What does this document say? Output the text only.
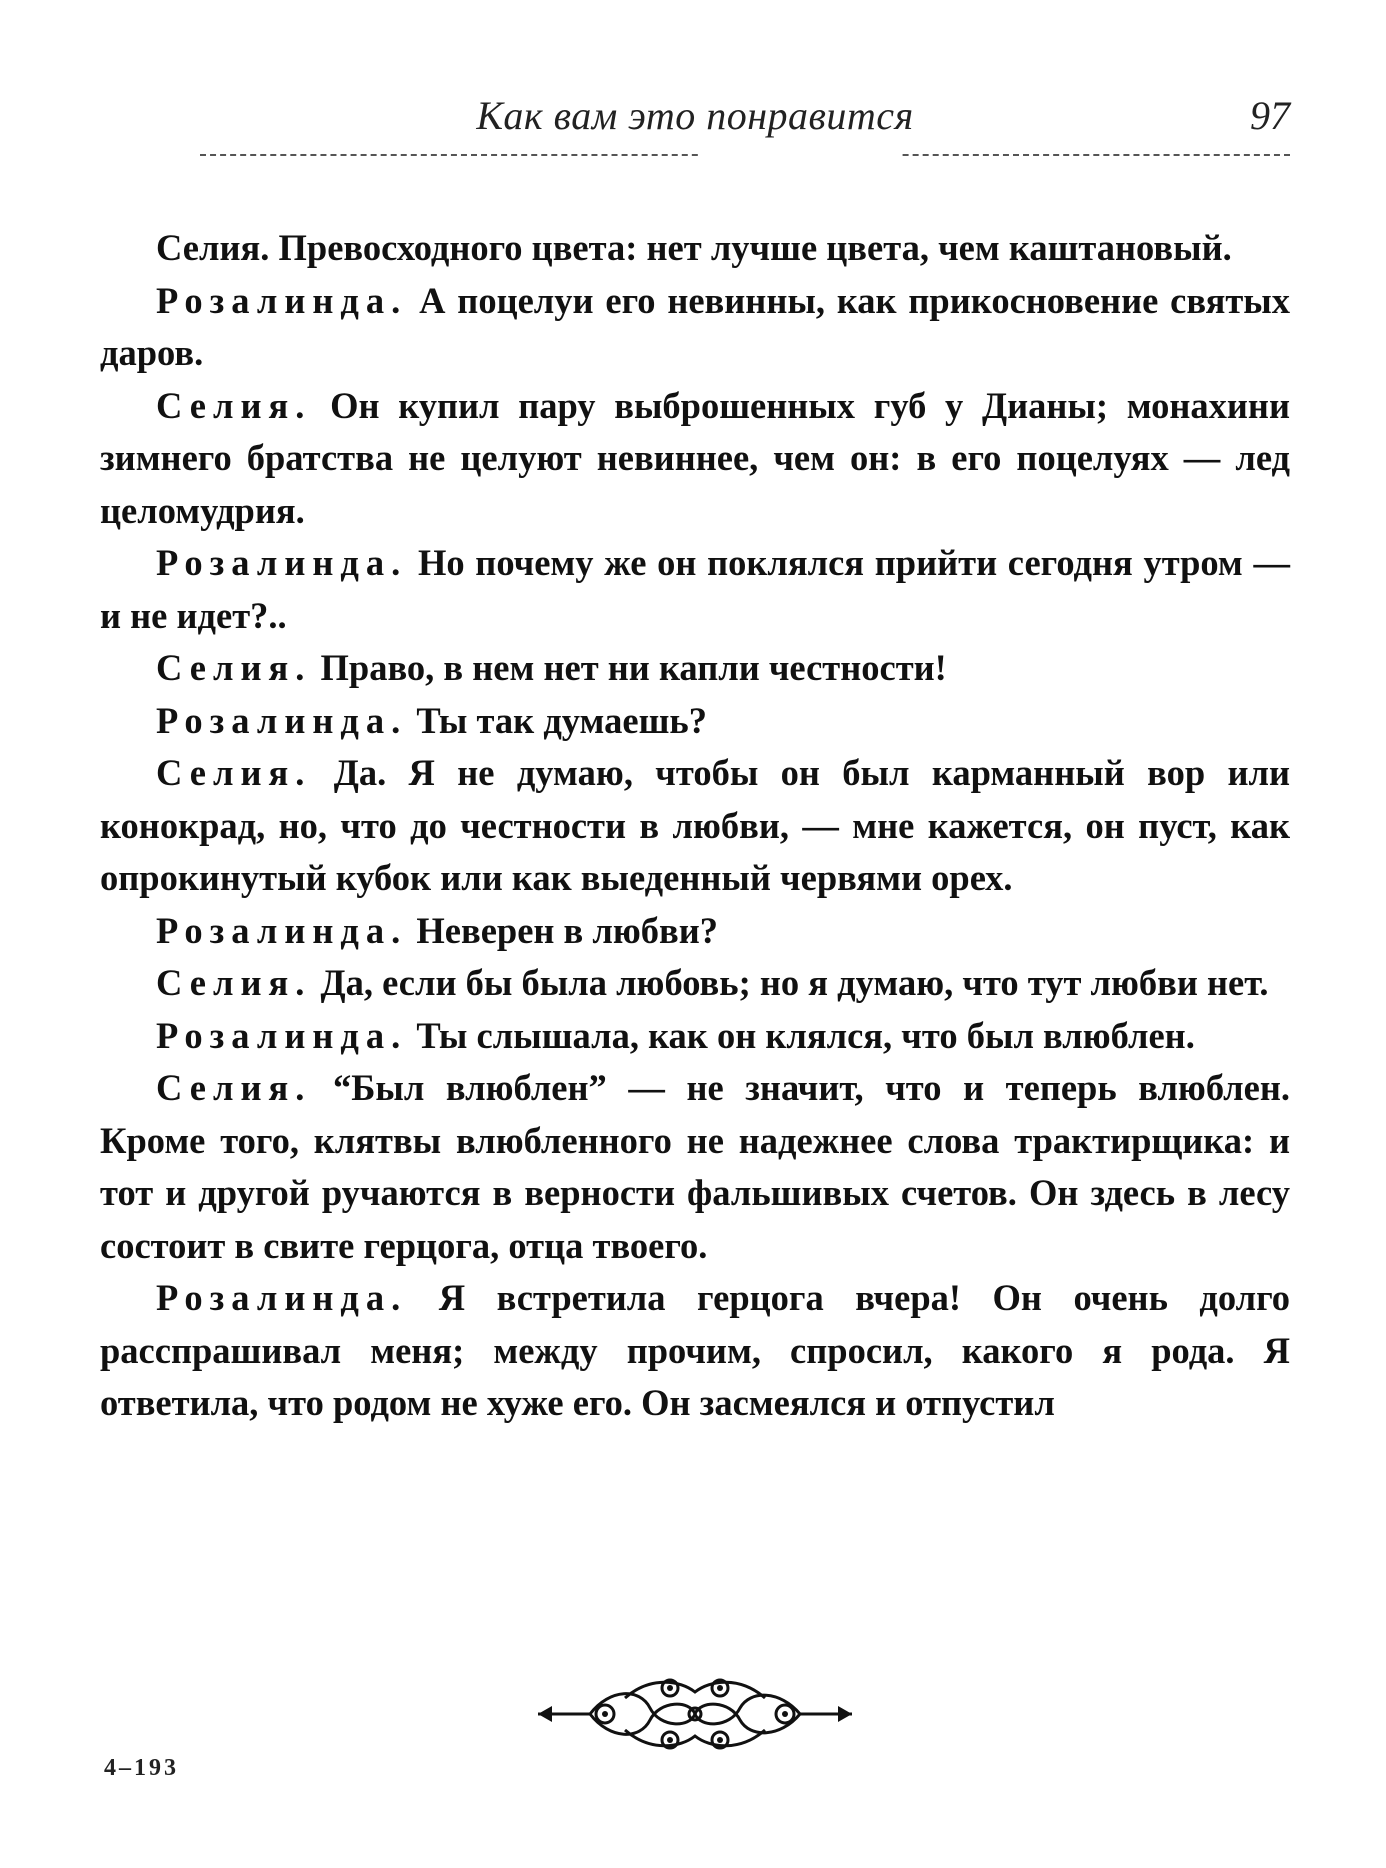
Как вам это понравится	97

Селия. Превосходного цвета: нет лучше цвета, чем каштановый.

Розалинда. А поцелуи его невинны, как прикосновение святых даров.

Селия. Он купил пару выброшенных губ у Дианы; монахини зимнего братства не целуют невиннее, чем он: в его поцелуях — лед целомудрия.

Розалинда. Но почему же он поклялся прийти сегодня утром — и не идет?..

Селия. Право, в нем нет ни капли честности!

Розалинда. Ты так думаешь?

Селия. Да. Я не думаю, чтобы он был карманный вор или конокрад, но, что до честности в любви, — мне кажется, он пуст, как опрокинутый кубок или как выеденный червями орех.

Розалинда. Неверен в любви?

Селия. Да, если бы была любовь; но я думаю, что тут любви нет.

Розалинда. Ты слышала, как он клялся, что был влюблен.

Селия. “Был влюблен” — не значит, что и теперь влюблен. Кроме того, клятвы влюбленного не надежнее слова трактирщика: и тот и другой ручаются в верности фальшивых счетов. Он здесь в лесу состоит в свите герцога, отца твоего.

Розалинда. Я встретила герцога вчера! Он очень долго расспрашивал меня; между прочим, спросил, какого я рода. Я ответила, что родом не хуже его. Он засмеялся и отпустил

4–193
